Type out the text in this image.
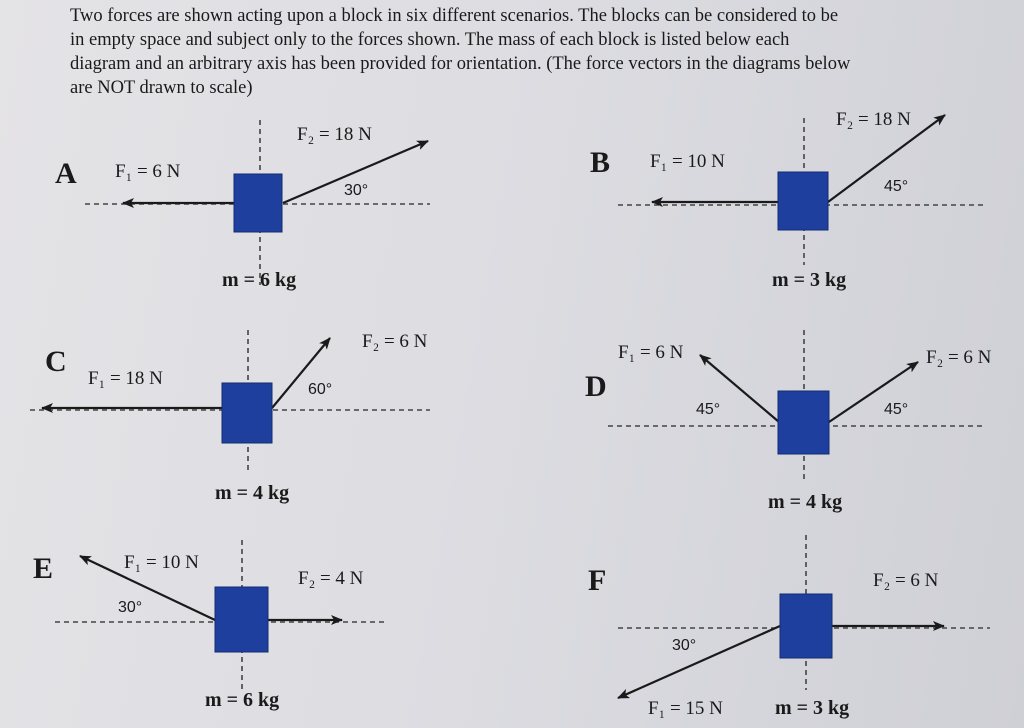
Two forces are shown acting upon a block in six different scenarios. The blocks can be considered to be
in empty space and subject only to the forces shown. The mass of each block is listed below each
diagram and an arbitrary axis has been provided for orientation. (The force vectors in the diagrams below
are NOT drawn to scale)
A F₁ = 6 N
F₂ = 18 N
30°
m = 6 kg
B F₁ = 10 N
F₂ = 18 N
45°
m = 3 kg
C
F₁ = 18 N
F₂ = 6 N
60°
m = 4 kg
D
F₁ = 6 N	F₂ = 6 N
45°	45°
m = 4 kg
E	F₁ = 10 N
F₂ = 4 N
30°
m = 6 kg
F
F₁ = 15 N
F₂ = 6 N
30°
m = 3 kg
